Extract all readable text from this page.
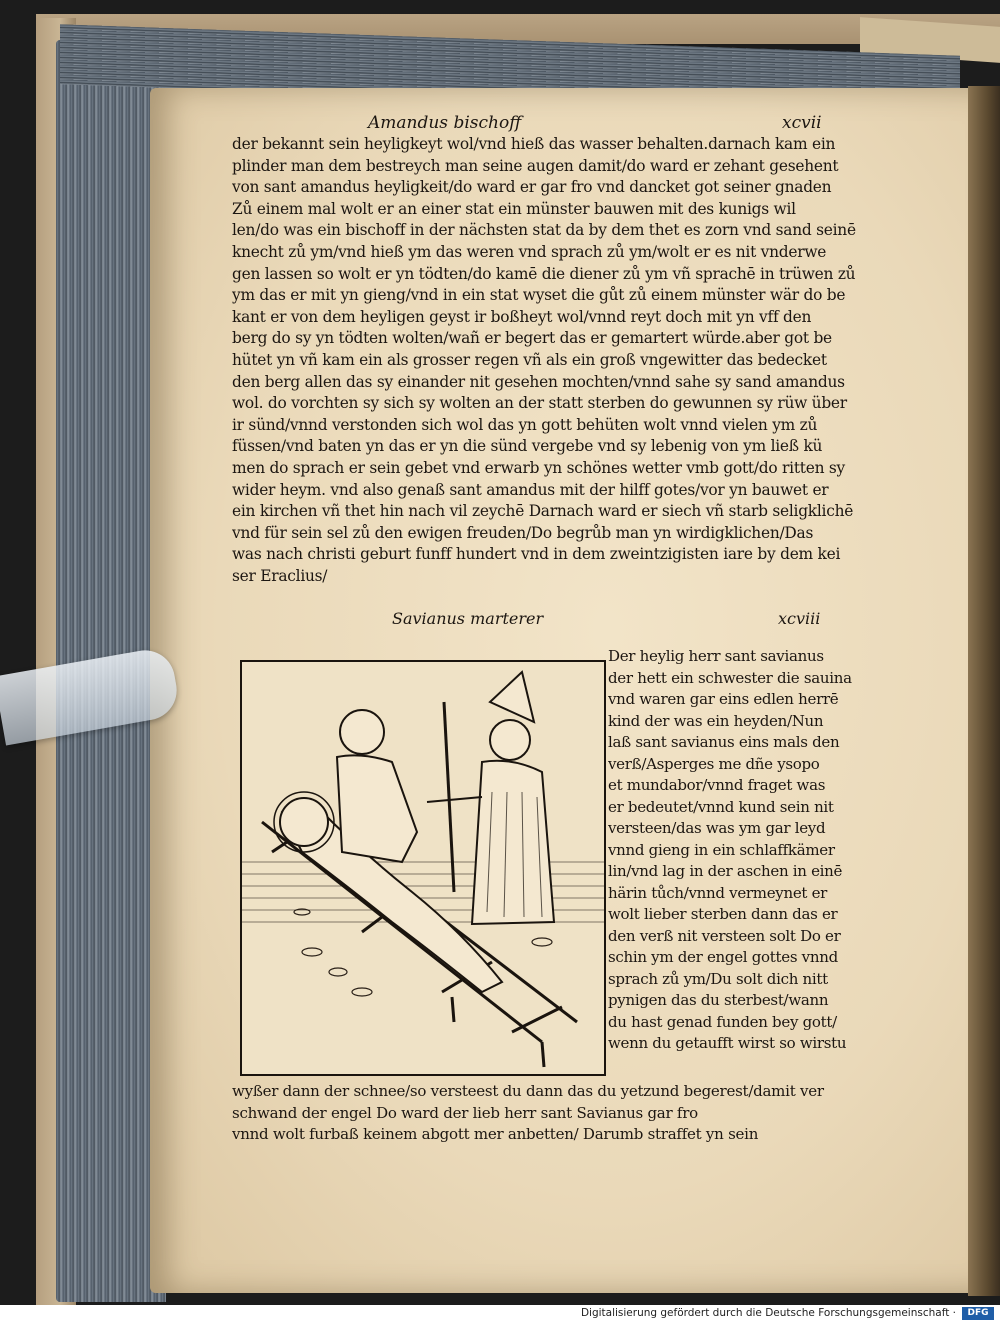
Amandus bischoff	xcvii
der bekannt sein heyligkeyt wol/vnd hieß das wasser behalten.darnach kam ein
plinder man dem bestreych man seine augen damit/do ward er zehant gesehent
von sant amandus heyligkeit/do ward er gar fro vnd dancket got seiner gnaden
Zů einem mal wolt er an einer stat ein münster bauwen mit des kunigs wil
len/do was ein bischoff in der nächsten stat da by dem thet es zorn vnd sand seinē
knecht zů ym/vnd hieß ym das weren vnd sprach zů ym/wolt er es nit vnderwe
gen lassen so wolt er yn tödten/do kamē die diener zů ym vñ sprachē in trüwen zů
ym das er mit yn gieng/vnd in ein stat wyset die gůt zů einem münster wär do be
kant er von dem heyligen geyst ir boßheyt wol/vnnd reyt doch mit yn vff den
berg do sy yn tödten wolten/wañ er begert das er gemartert würde.aber got be
hütet yn vñ kam ein als grosser regen vñ als ein groß vngewitter das bedecket
den berg allen das sy einander nit gesehen mochten/vnnd sahe sy sand amandus
wol. do vorchten sy sich sy wolten an der statt sterben do gewunnen sy rüw über
ir sünd/vnnd verstonden sich wol das yn gott behüten wolt vnnd vielen ym zů
füssen/vnd baten yn das er yn die sünd vergebe vnd sy lebenig von ym ließ kü
men do sprach er sein gebet vnd erwarb yn schönes wetter vmb gott/do ritten sy
wider heym. vnd also genaß sant amandus mit der hilff gotes/vor yn bauwet er
ein kirchen vñ thet hin nach vil zeychē Darnach ward er siech vñ starb seligklichē
vnd für sein sel zů den ewigen freuden/Do begrůb man yn wirdigklichen/Das
was nach christi geburt funff hundert vnd in dem zweintzigisten iare by dem kei
ser Eraclius/
Savianus marterer	xcviii
Der heylig herr sant savianus
der hett ein schwester die sauina
vnd waren gar eins edlen herrē
kind der was ein heyden/Nun
laß sant savianus eins mals den
verß/Asperges me dñe ysopo
et mundabor/vnnd fraget was
er bedeutet/vnnd kund sein nit
versteen/das was ym gar leyd
vnnd gieng in ein schlaffkämer
lin/vnd lag in der aschen in einē
härin tůch/vnnd vermeynet er
wolt lieber sterben dann das er
den verß nit versteen solt Do er
schin ym der engel gottes vnnd
sprach zů ym/Du solt dich nitt
pynigen das du sterbest/wann
du hast genad funden bey gott/
wenn du getaufft wirst so wirstu
wyßer dann der schnee/so versteest du dann das du yetzund begerest/damit ver
schwand der engel Do ward der lieb herr sant Savianus gar fro
vnnd wolt furbaß keinem abgott mer anbetten/ Darumb straffet yn sein
Digitalisierung gefördert durch die Deutsche Forschungsgemeinschaft ·	DFG
